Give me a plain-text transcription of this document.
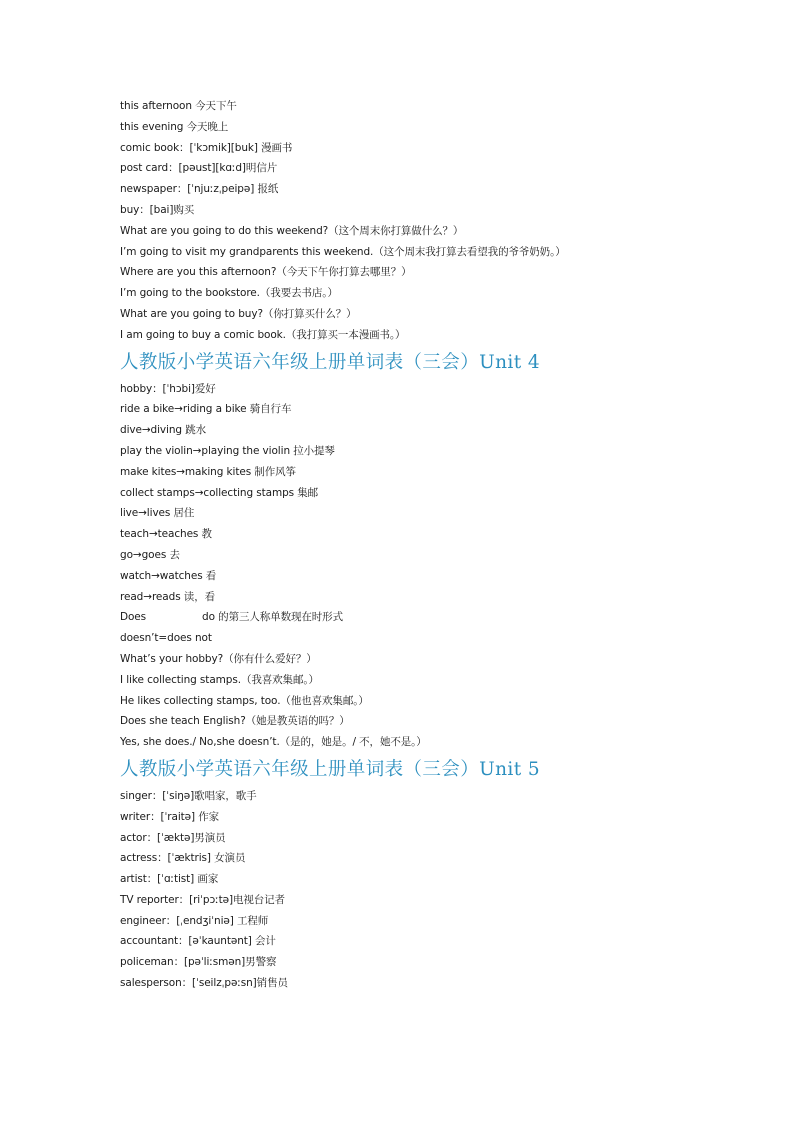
this afternoon 今天下午
this evening 今天晚上
comic book：[ˈkɔmik][buk] 漫画书
post card：[pəust][kɑːd]明信片
newspaper：[ˈnjuːzˌpeipə] 报纸
buy：[bai]购买
What are you going to do this weekend?（这个周末你打算做什么？）
I’m going to visit my grandparents this weekend.（这个周末我打算去看望我的爷爷奶奶。）
Where are you this afternoon?（今天下午你打算去哪里？）
I’m going to the bookstore.（我要去书店。）
What are you going to buy?（你打算买什么？）
I am going to buy a comic book.（我打算买一本漫画书。）
人教版小学英语六年级上册单词表（三会）Unit 4
hobby：[ˈhɔbi]爱好
ride a bike→riding a bike 骑自行车
dive→diving 跳水
play the violin→playing the violin 拉小提琴
make kites→making kites 制作风筝
collect stamps→collecting stamps 集邮
live→lives 居住
teach→teaches 教
go→goes 去
watch→watches 看
read→reads 读，看
Does	do 的第三人称单数现在时形式
doesn’t=does not
What’s your hobby?（你有什么爱好？）
I like collecting stamps.（我喜欢集邮。）
He likes collecting stamps, too.（他也喜欢集邮。）
Does she teach English?（她是教英语的吗？）
Yes, she does./ No,she doesn’t.（是的，她是。/ 不，她不是。）
人教版小学英语六年级上册单词表（三会）Unit 5
singer：[ˈsiŋə]歌唱家，歌手
writer：[ˈraitə] 作家
actor：[ˈæktə]男演员
actress：[ˈæktris] 女演员
artist：[ˈɑːtist] 画家
TV reporter：[riˈpɔːtə]电视台记者
engineer：[ˌendʒiˈniə] 工程师
accountant：[əˈkauntənt] 会计
policeman：[pəˈliːsmən]男警察
salesperson：[ˈseilzˌpəːsn]销售员
